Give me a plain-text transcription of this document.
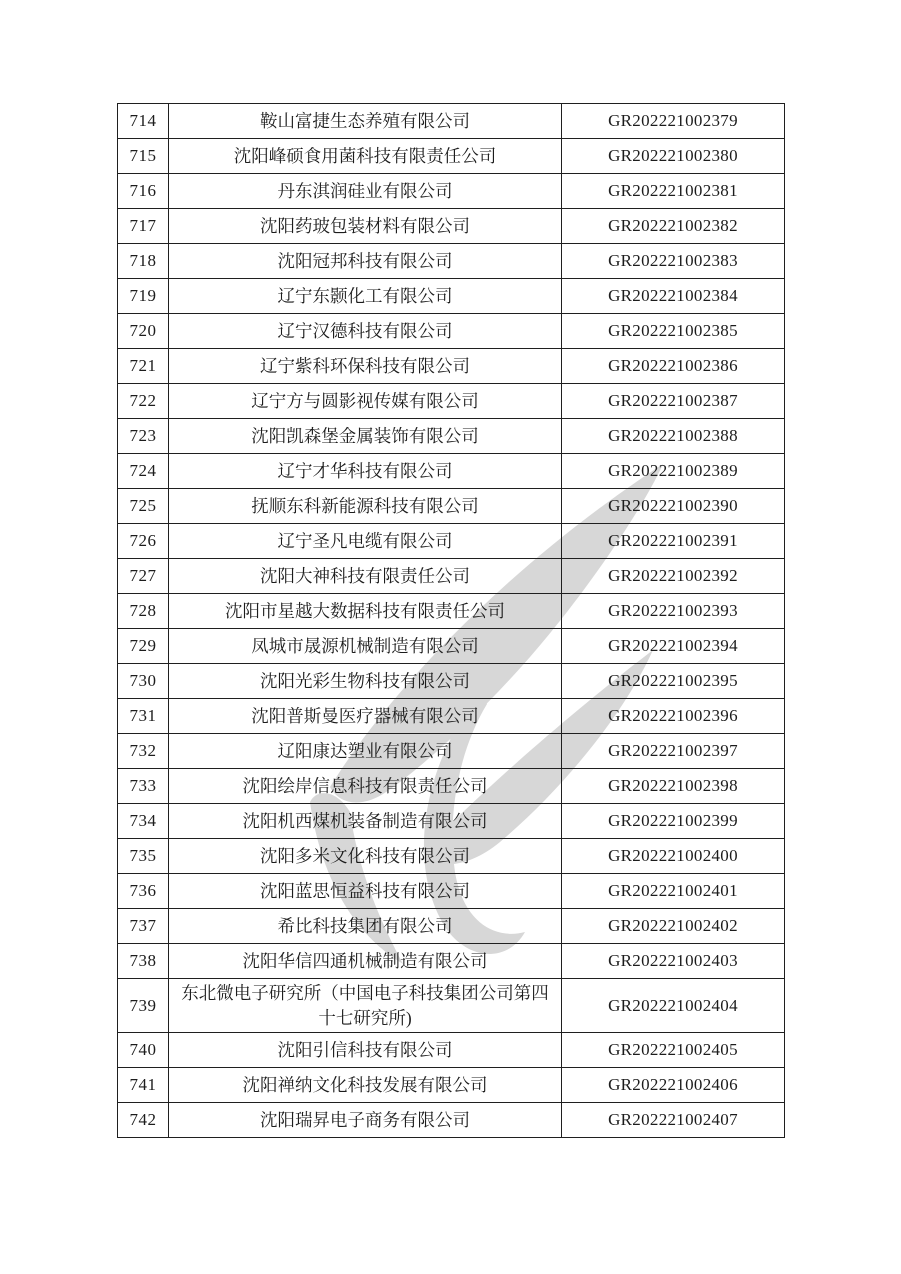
714	鞍山富捷生态养殖有限公司	GR202221002379
715	沈阳峰硕食用菌科技有限责任公司	GR202221002380
716	丹东淇润硅业有限公司	GR202221002381
717	沈阳药玻包装材料有限公司	GR202221002382
718	沈阳冠邦科技有限公司	GR202221002383
719	辽宁东颢化工有限公司	GR202221002384
720	辽宁汉德科技有限公司	GR202221002385
721	辽宁紫科环保科技有限公司	GR202221002386
722	辽宁方与圆影视传媒有限公司	GR202221002387
723	沈阳凯森堡金属装饰有限公司	GR202221002388
724	辽宁才华科技有限公司	GR202221002389
725	抚顺东科新能源科技有限公司	GR202221002390
726	辽宁圣凡电缆有限公司	GR202221002391
727	沈阳大神科技有限责任公司	GR202221002392
728	沈阳市星越大数据科技有限责任公司	GR202221002393
729	凤城市晟源机械制造有限公司	GR202221002394
730	沈阳光彩生物科技有限公司	GR202221002395
731	沈阳普斯曼医疗器械有限公司	GR202221002396
732	辽阳康达塑业有限公司	GR202221002397
733	沈阳绘岸信息科技有限责任公司	GR202221002398
734	沈阳机西煤机装备制造有限公司	GR202221002399
735	沈阳多米文化科技有限公司	GR202221002400
736	沈阳蓝思恒益科技有限公司	GR202221002401
737	希比科技集团有限公司	GR202221002402
738	沈阳华信四通机械制造有限公司	GR202221002403
739	东北微电子研究所（中国电子科技集团公司第四十七研究所)	GR202221002404
740	沈阳引信科技有限公司	GR202221002405
741	沈阳禅纳文化科技发展有限公司	GR202221002406
742	沈阳瑞昇电子商务有限公司	GR202221002407
